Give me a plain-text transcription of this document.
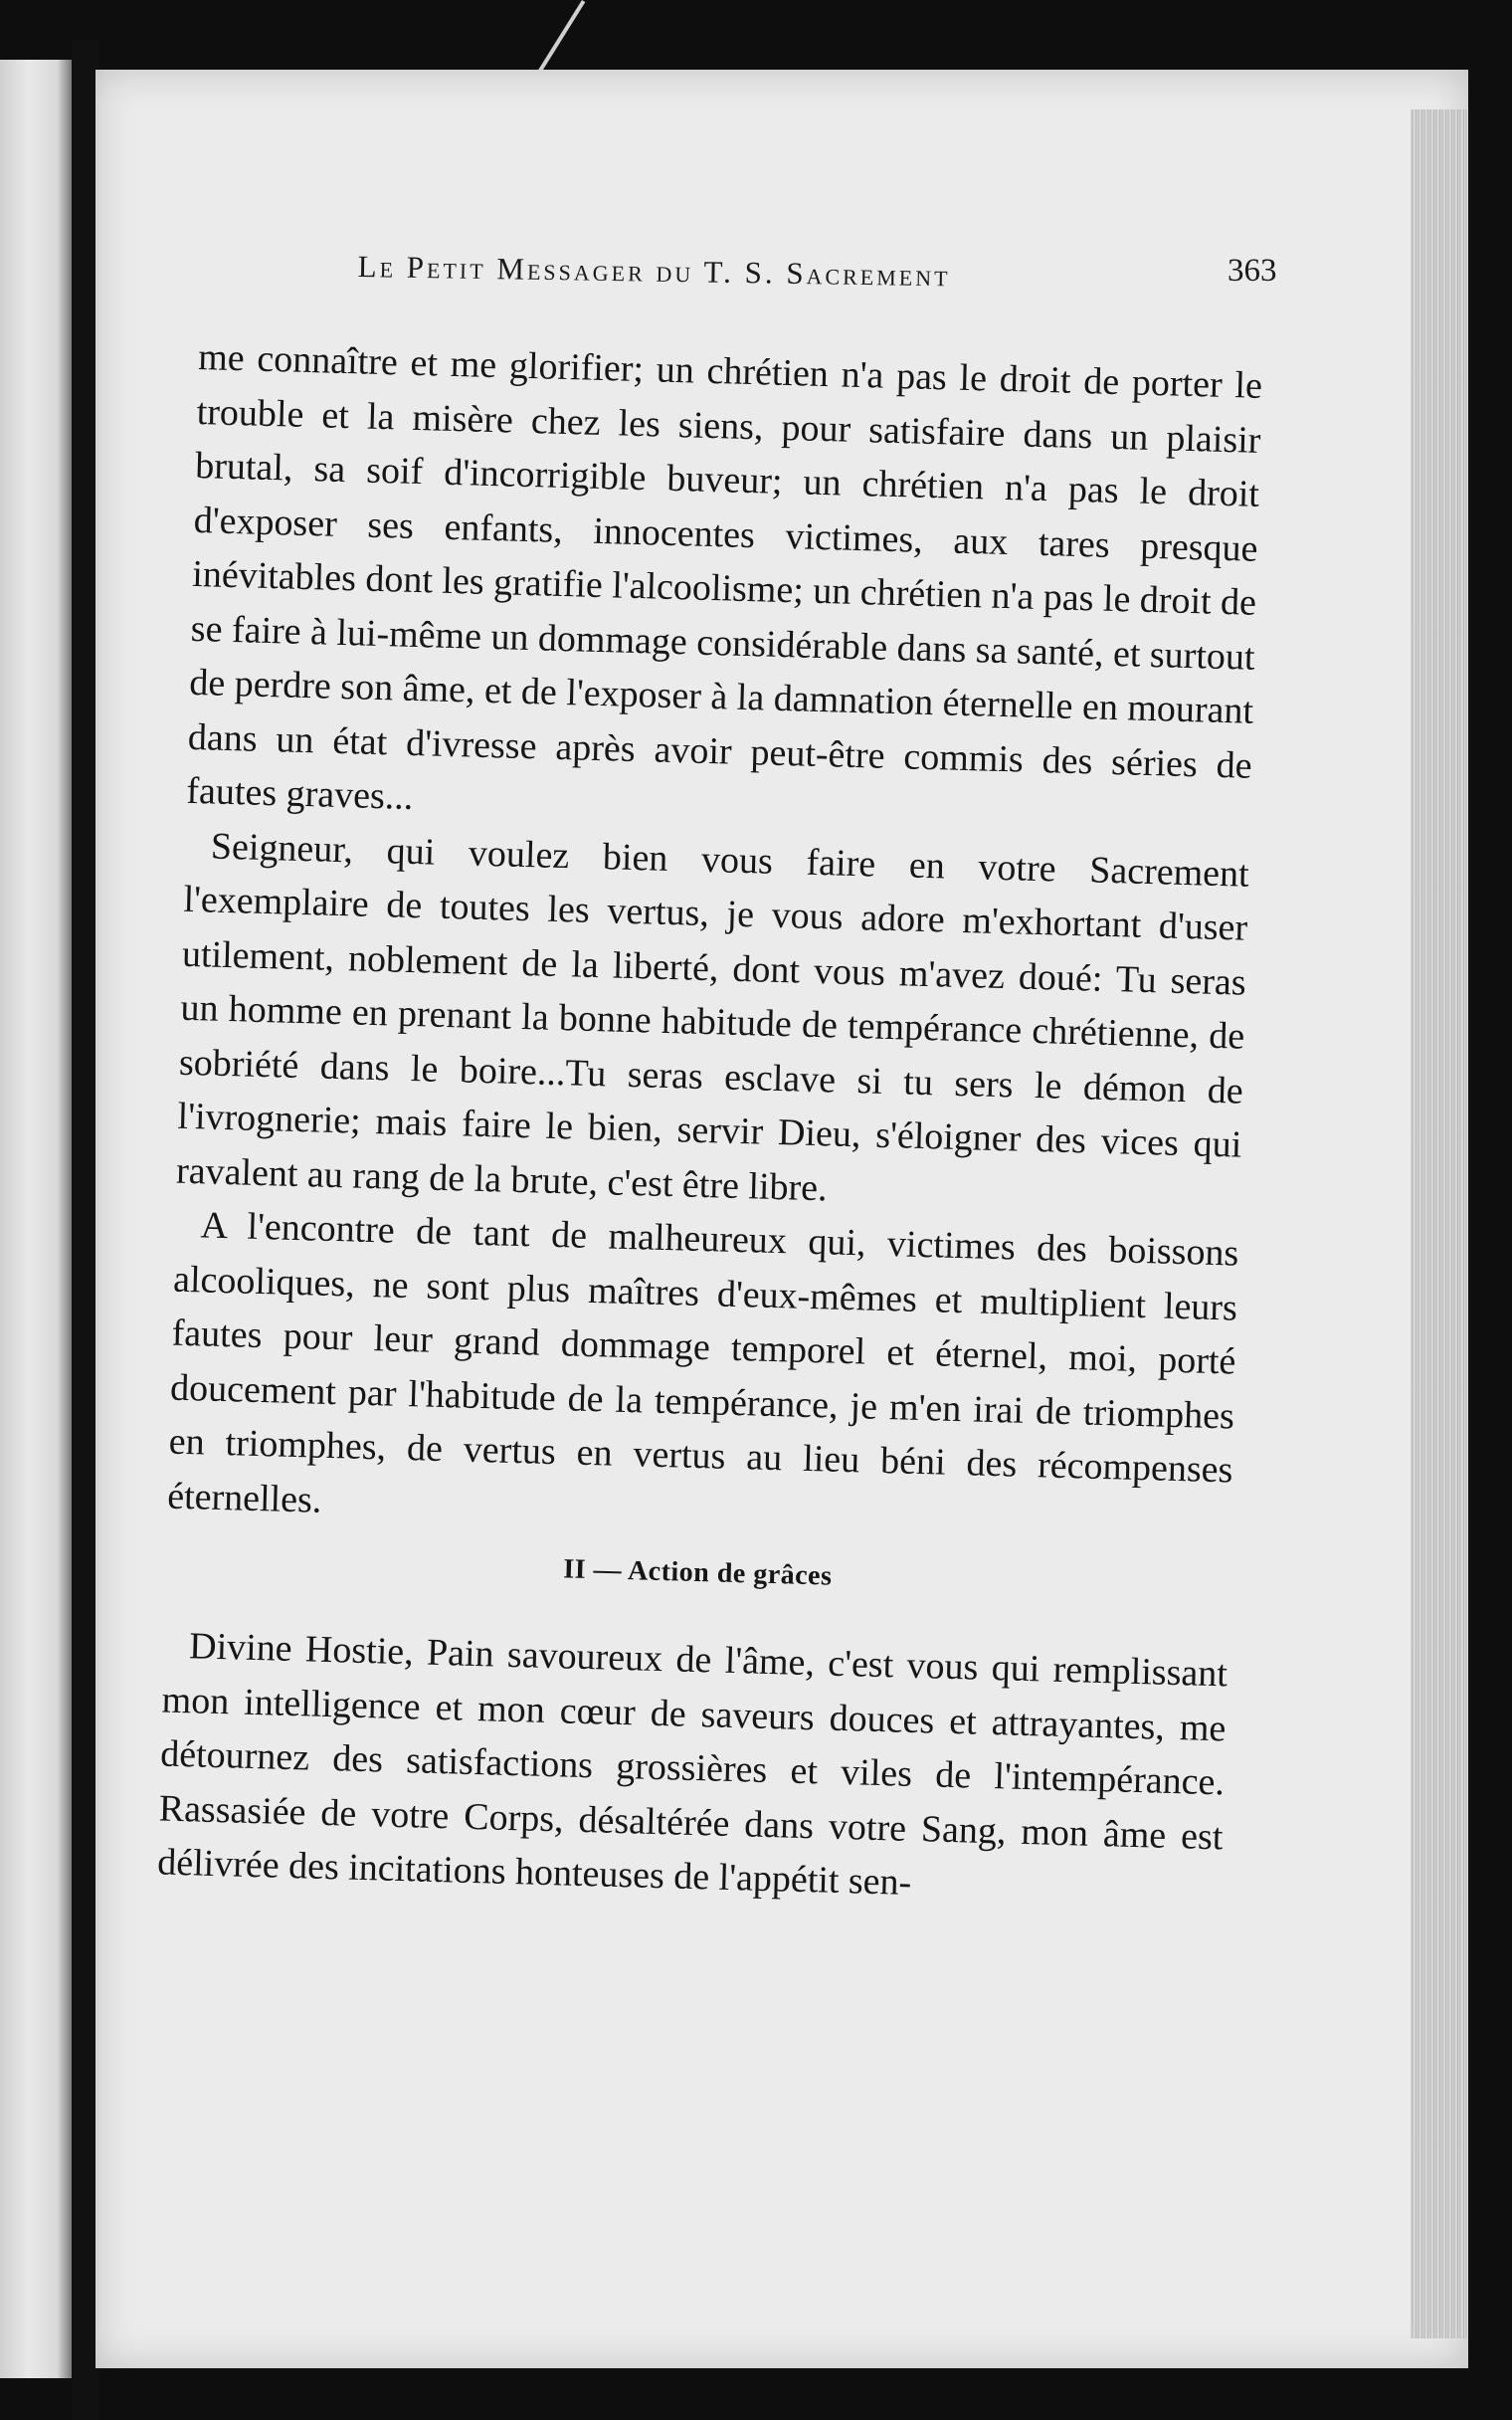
Le Petit Messager du T. S. Sacrement	363

me connaître et me glorifier; un chrétien n'a pas le droit de porter le trouble et la misère chez les siens, pour satisfaire dans un plaisir brutal, sa soif d'incorrigible buveur; un chrétien n'a pas le droit d'exposer ses enfants, innocentes victimes, aux tares presque inévitables dont les gratifie l'alcoolisme; un chrétien n'a pas le droit de se faire à lui-même un dommage considérable dans sa santé, et surtout de perdre son âme, et de l'exposer à la damnation éternelle en mourant dans un état d'ivresse après avoir peut-être commis des séries de fautes graves...

Seigneur, qui voulez bien vous faire en votre Sacrement l'exemplaire de toutes les vertus, je vous adore m'exhortant d'user utilement, noblement de la liberté, dont vous m'avez doué: Tu seras un homme en prenant la bonne habitude de tempérance chrétienne, de sobriété dans le boire...Tu seras esclave si tu sers le démon de l'ivrognerie; mais faire le bien, servir Dieu, s'éloigner des vices qui ravalent au rang de la brute, c'est être libre.

A l'encontre de tant de malheureux qui, victimes des boissons alcooliques, ne sont plus maîtres d'eux-mêmes et multiplient leurs fautes pour leur grand dommage temporel et éternel, moi, porté doucement par l'habitude de la tempérance, je m'en irai de triomphes en triomphes, de vertus en vertus au lieu béni des récompenses éternelles.

II — Action de grâces

Divine Hostie, Pain savoureux de l'âme, c'est vous qui remplissant mon intelligence et mon cœur de saveurs douces et attrayantes, me détournez des satisfactions grossières et viles de l'intempérance. Rassasiée de votre Corps, désaltérée dans votre Sang, mon âme est délivrée des incitations honteuses de l'appétit sen-
